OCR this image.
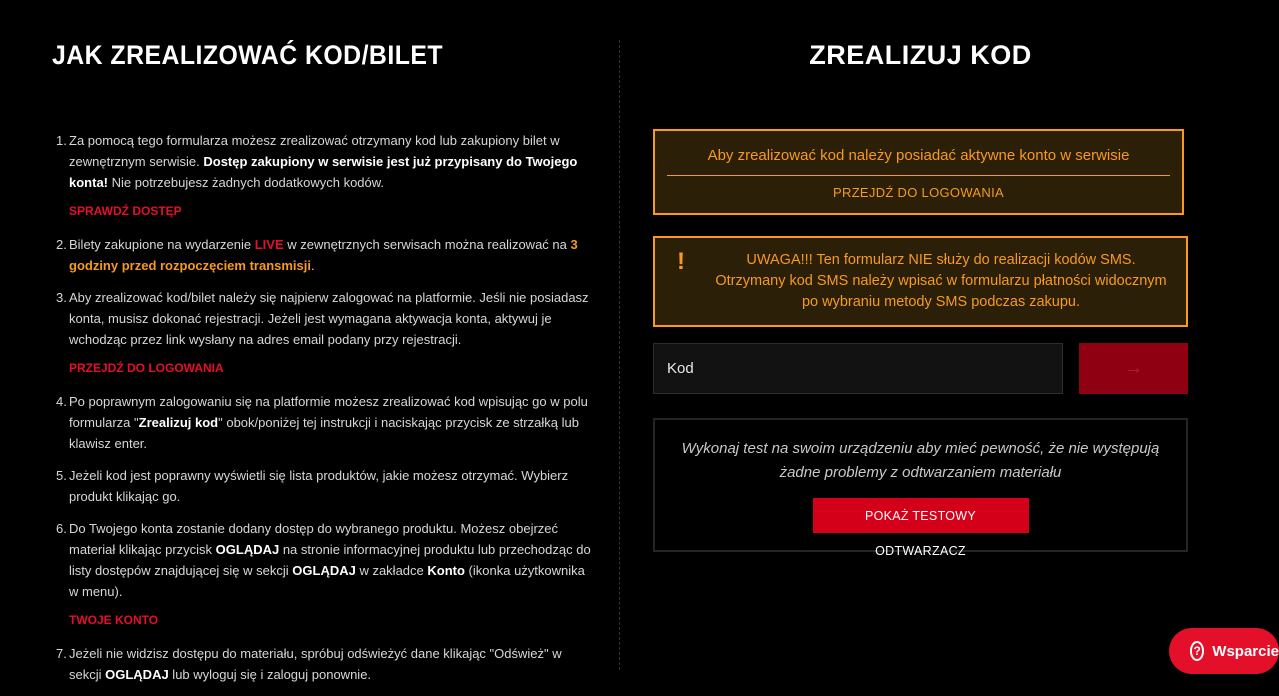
JAK ZREALIZOWAĆ KOD/BILET
1. Za pomocą tego formularza możesz zrealizować otrzymany kod lub zakupiony bilet w zewnętrznym serwisie. Dostęp zakupiony w serwisie jest już przypisany do Twojego konta! Nie potrzebujesz żadnych dodatkowych kodów.
SPRAWDŹ DOSTĘP
2. Bilety zakupione na wydarzenie LIVE w zewnętrznych serwisach można realizować na 3 godziny przed rozpoczęciem transmisji.
3. Aby zrealizować kod/bilet należy się najpierw zalogować na platformie. Jeśli nie posiadasz konta, musisz dokonać rejestracji. Jeżeli jest wymagana aktywacja konta, aktywuj je wchodząc przez link wysłany na adres email podany przy rejestracji.
PRZEJDŹ DO LOGOWANIA
4. Po poprawnym zalogowaniu się na platformie możesz zrealizować kod wpisując go w polu formularza "Zrealizuj kod" obok/poniżej tej instrukcji i naciskając przycisk ze strzałką lub klawisz enter.
5. Jeżeli kod jest poprawny wyświetli się lista produktów, jakie możesz otrzymać. Wybierz produkt klikając go.
6. Do Twojego konta zostanie dodany dostęp do wybranego produktu. Możesz obejrzeć materiał klikając przycisk OGLĄDAJ na stronie informacyjnej produktu lub przechodząc do listy dostępów znajdującej się w sekcji OGLĄDAJ w zakładce Konto (ikonka użytkownika w menu).
TWOJE KONTO
7. Jeżeli nie widzisz dostępu do materiału, spróbuj odświeżyć dane klikając "Odśwież" w sekcji OGLĄDAJ lub wyloguj się i zaloguj ponownie.
ZREALIZUJ KOD
Aby zrealizować kod należy posiadać aktywne konto w serwisie
PRZEJDŹ DO LOGOWANIA
!	UWAGA!!! Ten formularz NIE służy do realizacji kodów SMS. Otrzymany kod SMS należy wpisać w formularzu płatności widocznym po wybraniu metody SMS podczas zakupu.
Kod
→
Wykonaj test na swoim urządzeniu aby mieć pewność, że nie występują żadne problemy z odtwarzaniem materiału
POKAŻ TESTOWY ODTWARZACZ
? Wsparcie
